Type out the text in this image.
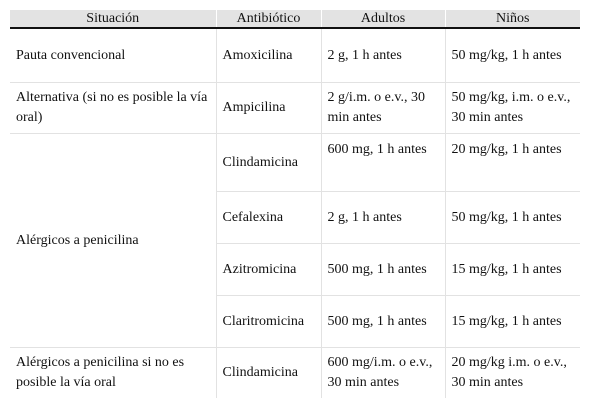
Situación	Antibiótico	Adultos	Niños
Pauta convencional	Amoxicilina	2 g, 1 h antes	50 mg/kg, 1 h antes
Alternativa (si no es posible la vía oral)	Ampicilina	2 g/i.m. o e.v., 30 min antes	50 mg/kg, i.m. o e.v., 30 min antes
Alérgicos a penicilina	Clindamicina	600 mg, 1 h antes	20 mg/kg, 1 h antes
	Cefalexina	2 g, 1 h antes	50 mg/kg, 1 h antes
	Azitromicina	500 mg, 1 h antes	15 mg/kg, 1 h antes
	Claritromicina	500 mg, 1 h antes	15 mg/kg, 1 h antes
Alérgicos a penicilina si no es posible la vía oral	Clindamicina	600 mg/i.m. o e.v., 30 min antes	20 mg/kg i.m. o e.v., 30 min antes
